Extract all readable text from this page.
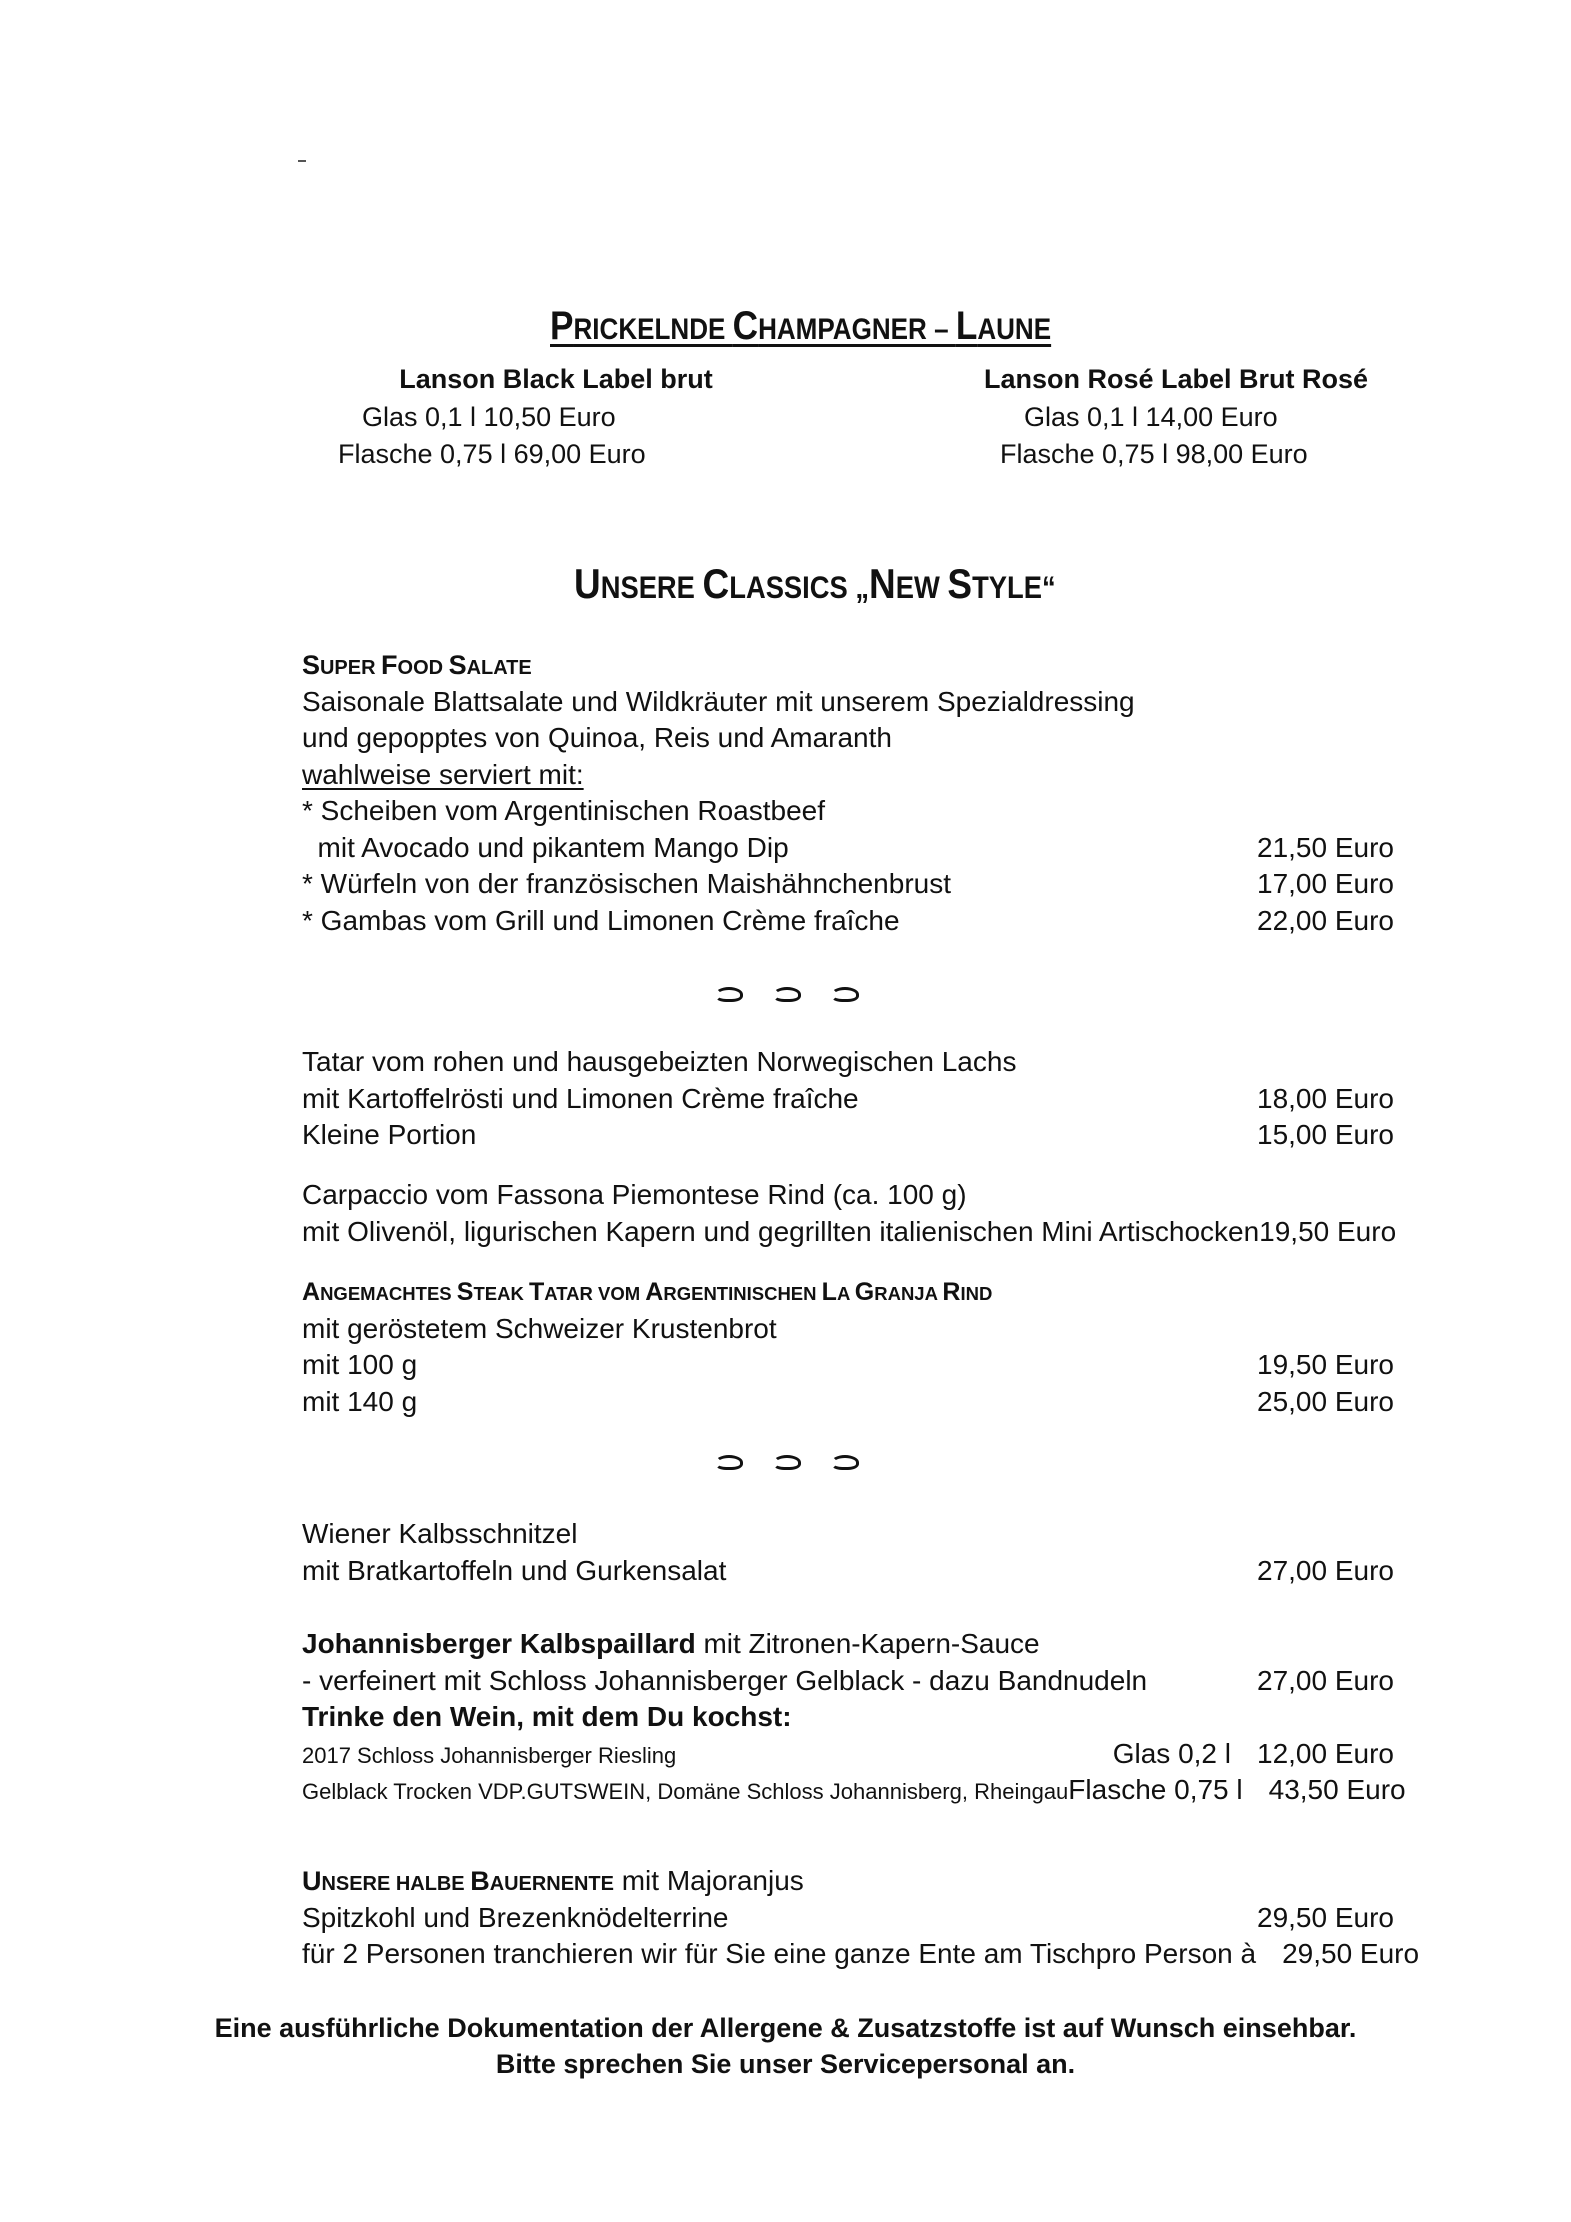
PRICKELNDE CHAMPAGNER – LAUNE
Lanson Black Label brut
Glas 0,1 l 10,50 Euro
Flasche 0,75 l 69,00 Euro
Lanson Rosé Label Brut Rosé
Glas 0,1 l 14,00 Euro
Flasche 0,75 l 98,00 Euro
UNSERE CLASSICS „NEW STYLE“
SUPER FOOD SALATE
Saisonale Blattsalate und Wildkräuter mit unserem Spezialdressing
und gepopptes von Quinoa, Reis und Amaranth
wahlweise serviert mit:
* Scheiben vom Argentinischen Roastbeef
mit Avocado und pikantem Mango Dip	21,50 Euro
* Würfeln von der französischen Maishähnchenbrust	17,00 Euro
* Gambas vom Grill und Limonen Crème fraîche	22,00 Euro
Tatar vom rohen und hausgebeizten Norwegischen Lachs
mit Kartoffelrösti und Limonen Crème fraîche	18,00 Euro
Kleine Portion	15,00 Euro
Carpaccio vom Fassona Piemontese Rind (ca. 100 g)
mit Olivenöl, ligurischen Kapern und gegrillten italienischen Mini Artischocken 19,50 Euro
ANGEMACHTES STEAK TATAR VOM ARGENTINISCHEN LA GRANJA RIND
mit geröstetem Schweizer Krustenbrot
mit 100 g	19,50 Euro
mit 140 g	25,00 Euro
Wiener Kalbsschnitzel
mit Bratkartoffeln und Gurkensalat	27,00 Euro
Johannisberger Kalbspaillard mit Zitronen-Kapern-Sauce
- verfeinert mit Schloss Johannisberger Gelblack - dazu Bandnudeln	27,00 Euro
Trinke den Wein, mit dem Du kochst:
2017 Schloss Johannisberger Riesling	Glas 0,2 l 12,00 Euro
Gelblack Trocken VDP.GUTSWEIN, Domäne Schloss Johannisberg, Rheingau Flasche 0,75 l 43,50 Euro
UNSERE HALBE BAUERNENTE mit Majoranjus
Spitzkohl und Brezenknödelterrine	29,50 Euro
für 2 Personen tranchieren wir für Sie eine ganze Ente am Tisch pro Person à 29,50 Euro
Eine ausführliche Dokumentation der Allergene & Zusatzstoffe ist auf Wunsch einsehbar.
Bitte sprechen Sie unser Servicepersonal an.
